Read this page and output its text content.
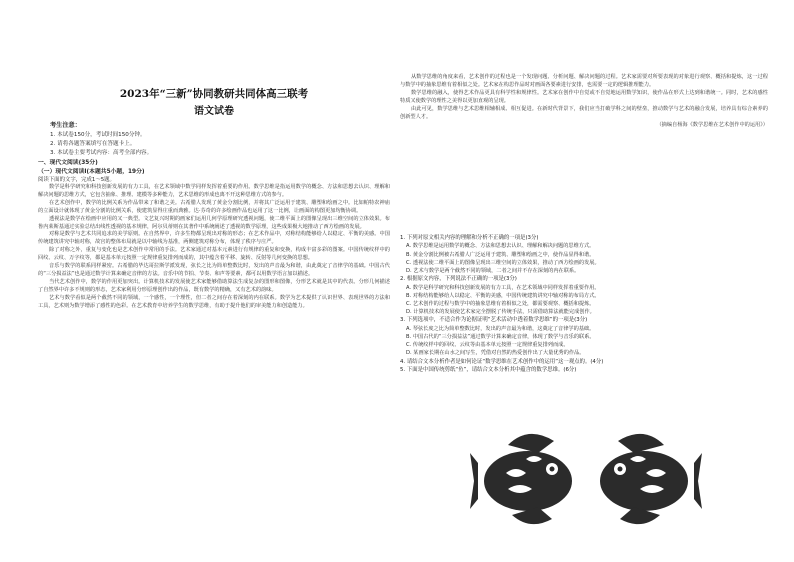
2023年“三新”协同教研共同体高三联考
语文试卷
考生注意：
1. 本试卷150分，考试时间150分钟。
2. 请将各题答案填写在答题卡上。
3. 本试卷主要考试内容：高考全部内容。
一、现代文阅读(35分)
（一）现代文阅读Ⅰ(本题共5小题，19分)
阅读下面的文字，完成1～5题。

数学是科学研究和科技创新发展的有力工具，在艺术领域中数学同样发挥着重要的作用。数学思维是指运用数学的概念、方法和思想去认识、理解和解决问题的思维方式，它包含抽象、推理、建模等多种能力，艺术思维的形成也离不开这种思维方式的参与。

在艺术创作中，数学的比例关系为作品带来了和谐之美。古希腊人发现了黄金分割比例，并将其广泛运用于建筑、雕塑和绘画之中。比如帕特农神庙的立面设计就体现了黄金分割的比例关系，使建筑显得庄重而典雅。达·芬奇的许多绘画作品也运用了这一比例，让画面的构图更加均衡协调。

透视法是数学在绘画中应用的又一典型。文艺复兴时期的画家们运用几何学原理研究透视问题，使二维平面上的图像呈现出三维空间的立体效果。布鲁内莱斯基通过实验总结出线性透视的基本规律，阿尔贝蒂则在其著作中系统阐述了透视的数学原理，这些成果极大地推动了西方绘画的发展。

对称是数学与艺术共同追求的美学原则。在自然界中，许多生物都呈现出对称的形态；在艺术作品中，对称结构能够给人以稳定、平衡的美感。中国传统建筑讲究中轴对称，故宫的整体布局就是以中轴线为基准，两侧建筑对称分布，体现了秩序与庄严。

除了对称之外，重复与变化也是艺术创作中常用的手法。艺术家通过对基本元素进行有规律的重复和变换，构成丰富多彩的图案。中国传统纹样中的回纹、云纹、万字纹等，都是基本单元按照一定规律重复排列而成的，其中蕴含着平移、旋转、反射等几何变换的思想。

音乐与数学的联系同样紧密。古希腊的毕达哥拉斯学派发现，弦长之比为简单整数比时，发出的声音最为和谐，由此奠定了音律学的基础。中国古代的“三分损益法”也是通过数学计算来确定音律的方法。音乐中的节拍、节奏、和声等要素，都可以用数学语言加以描述。

当代艺术创作中，数学的作用更加突出。计算机技术的发展使艺术家能够借助算法生成复杂的图形和图像，分形艺术就是其中的代表。分形几何描述了自然界中许多不规则的形态，艺术家利用分形原理创作出的作品，既有数学的精确，又有艺术的韵味。

艺术与数学看似是两个截然不同的领域，一个感性，一个理性，但二者之间存在着深刻的内在联系。数学为艺术提供了认识世界、表现世界的方法和工具，艺术则为数学增添了感性的色彩。在艺术教育中培养学生的数学思维，有助于提升他们的审美能力和创造能力。

从数学思维的角度来看，艺术创作的过程也是一个发现问题、分析问题、解决问题的过程。艺术家需要对所要表现的对象进行观察、概括和提炼，这一过程与数学中的抽象思维有着相似之处。艺术家在构思作品时对画面各要素进行安排，也需要一定的逻辑推理能力。

数学思维的融入，使得艺术作品更具有科学性和规律性。艺术家在创作中自觉或不自觉地运用数学知识，使作品在形式上达到和谐统一。同时，艺术的感性特质又使数学的理性之美得以更加直观的呈现。

由此可见，数学思维与艺术思维相辅相成、相互促进。在新时代背景下，我们应当打破学科之间的壁垒，推动数学与艺术的融合发展，培养具有综合素养的创新型人才。

（摘编自杨海《数学思维在艺术创作中的运用》）

1. 下列对原文相关内容的理解和分析不正确的一项是(3分)

A. 数学思维是运用数学的概念、方法和思想去认识、理解和解决问题的思维方式。

B. 黄金分割比例被古希腊人广泛运用于建筑、雕塑和绘画之中，使作品显得和谐。

C. 透视法使二维平面上的图像呈现出三维空间的立体效果，推动了西方绘画的发展。

D. 艺术与数学是两个截然不同的领域，二者之间并不存在深刻的内在联系。

2. 根据原文内容，下列说法不正确的一项是(3分)

A. 数学是科学研究和科技创新发展的有力工具，在艺术领域中同样发挥着重要作用。

B. 对称结构能够给人以稳定、平衡的美感，中国传统建筑讲究中轴对称的布局方式。

C. 艺术创作的过程与数学中的抽象思维有着相似之处，都需要观察、概括和提炼。

D. 计算机技术的发展使艺术家完全摆脱了传统手法，只需借助算法就能完成创作。

3. 下列选项中，不适合作为论据证明“艺术活动中透着数学思维”的一项是(3分)

A. 琴弦长度之比为简单整数比时，发出的声音最为和谐，这奠定了音律学的基础。

B. 中国古代的“三分损益法”通过数学计算来确定音律，体现了数学与音乐的联系。

C. 传统纹样中的回纹、云纹等由基本单元按照一定规律重复排列而成。

D. 某画家长期在山水之间写生，凭借对自然的热爱创作出了大量优秀的作品。

4. 请结合文本分析作者是如何论证“数学思维在艺术创作中的运用”这一观点的。(4分)

5. 下面是中国传统剪纸“鱼”，请结合文本分析其中蕴含的数学思维。(6分)
